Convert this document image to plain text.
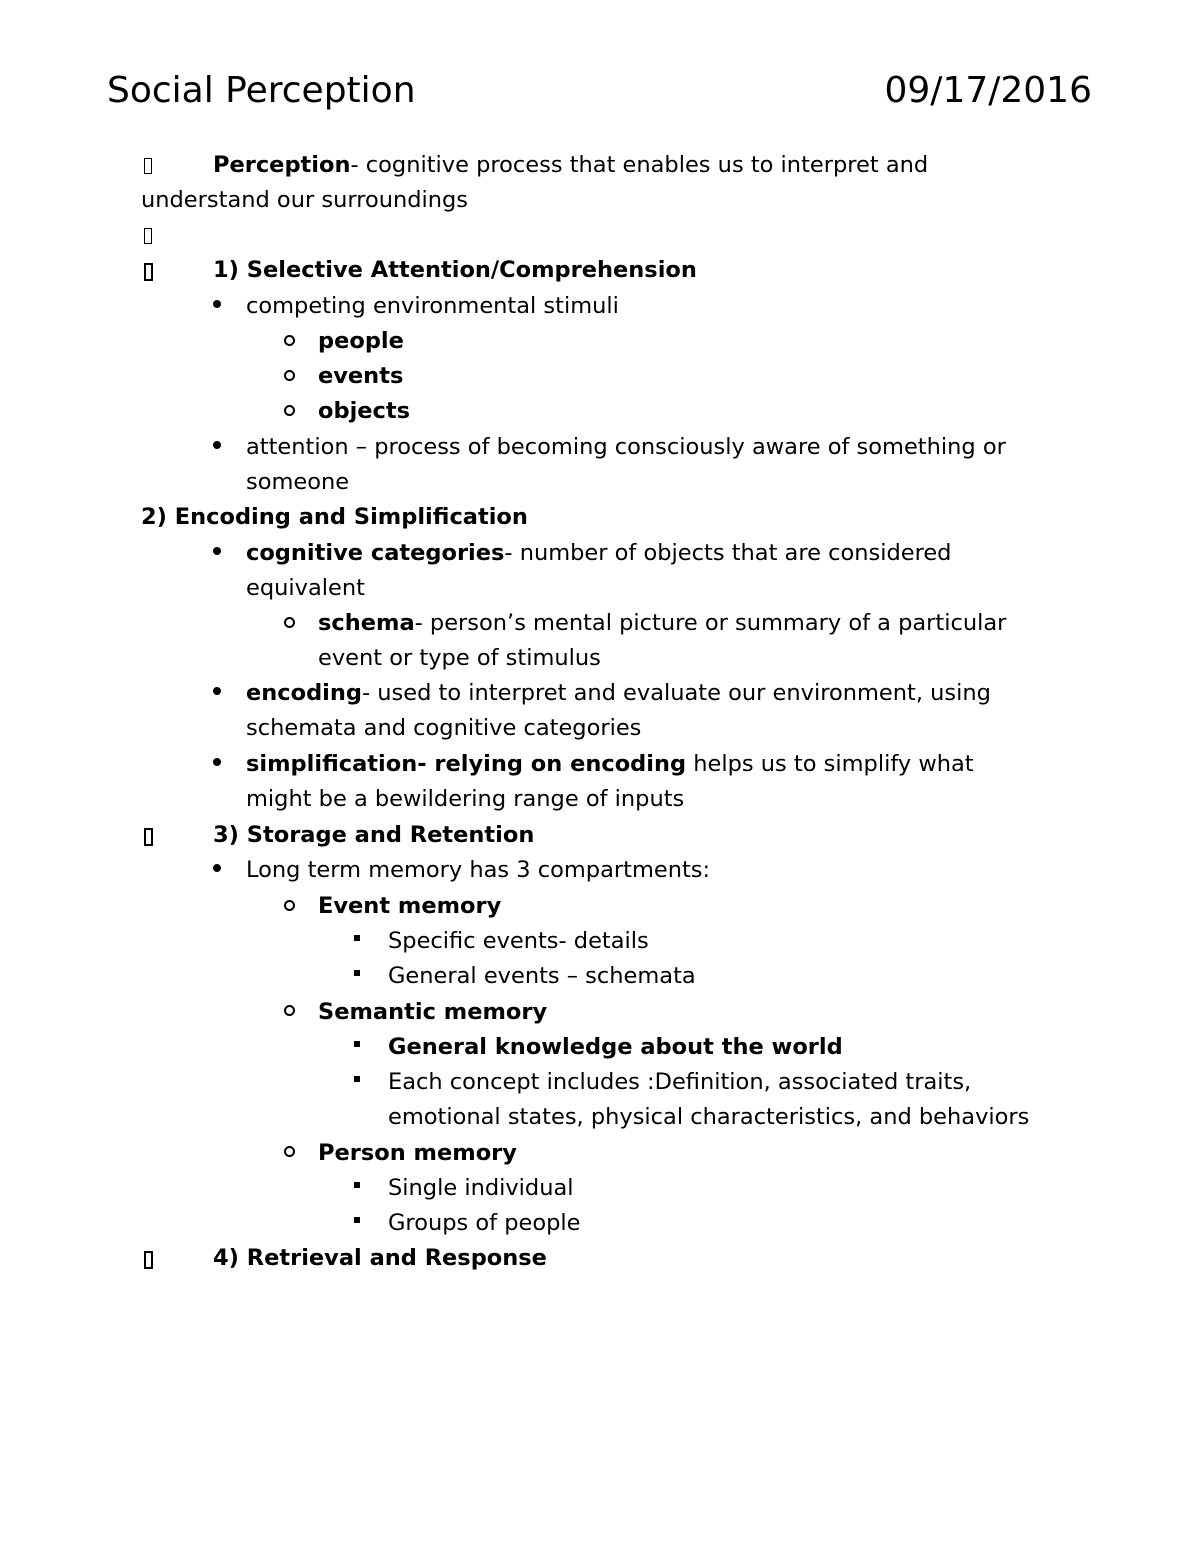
Social Perception	09/17/2016
Perception- cognitive process that enables us to interpret and
understand our surroundings
1) Selective Attention/Comprehension
competing environmental stimuli
people
events
objects
attention – process of becoming consciously aware of something or
someone
2) Encoding and Simplification
cognitive categories- number of objects that are considered
equivalent
schema- person’s mental picture or summary of a particular
event or type of stimulus
encoding- used to interpret and evaluate our environment, using
schemata and cognitive categories
simplification- relying on encoding helps us to simplify what
might be a bewildering range of inputs
3) Storage and Retention
Long term memory has 3 compartments:
Event memory
Specific events- details
General events – schemata
Semantic memory
General knowledge about the world
Each concept includes :Definition, associated traits,
emotional states, physical characteristics, and behaviors
Person memory
Single individual
Groups of people
4) Retrieval and Response
